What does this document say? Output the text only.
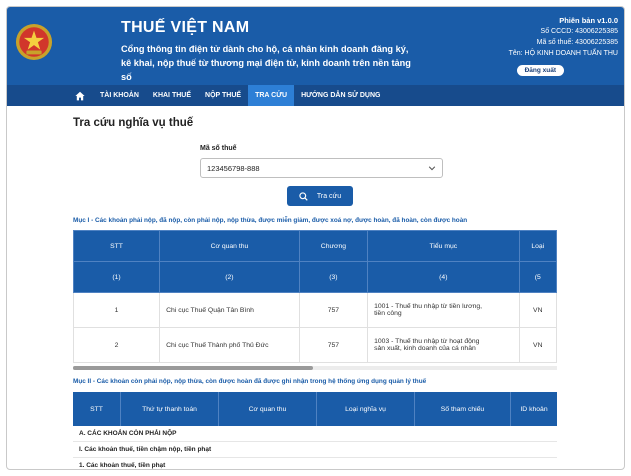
THUẾ VIỆT NAM
Cổng thông tin điện tử dành cho hộ, cá nhân kinh doanh đăng ký,
kê khai, nộp thuế từ thương mại điện tử, kinh doanh trên nền tảng số
Phiên bản v1.0.0
Số CCCD: 43006225385
Mã số thuế: 43006225385
Tên: HỘ KINH DOANH TUẤN THU
Đăng xuất
TÀI KHOẢN	KHAI THUẾ	NỘP THUẾ	TRA CỨU	HƯỚNG DẪN SỬ DỤNG
Tra cứu nghĩa vụ thuế
Mã số thuế
123456798-888
Tra cứu
Mục I - Các khoản phải nộp, đã nộp, còn phải nộp, nộp thừa, được miễn giảm, được xoá nợ, được hoàn, đã hoàn, còn được hoàn
STT	Cơ quan thu	Chương	Tiểu mục	Loại
(1)	(2)	(3)	(4)	(5
1	Chi cục Thuế Quận Tân Bình	757	1001 - Thuế thu nhập từ tiền lương,
tiền công	VN
2	Chi cục Thuế Thành phố Thủ Đức	757	1003 - Thuế thu nhập từ hoạt động
sản xuất, kinh doanh của cá nhân	VN
Mục II - Các khoản còn phải nộp, nộp thừa, còn được hoàn đã được ghi nhận trong hệ thống ứng dụng quản lý thuế
STT	Thứ tự thanh toán	Cơ quan thu	Loại nghĩa vụ	Số tham chiếu	ID khoản
A. CÁC KHOẢN CÒN PHẢI NỘP
I. Các khoản thuế, tiền chậm nộp, tiền phạt
1. Các khoản thuế, tiền phạt
